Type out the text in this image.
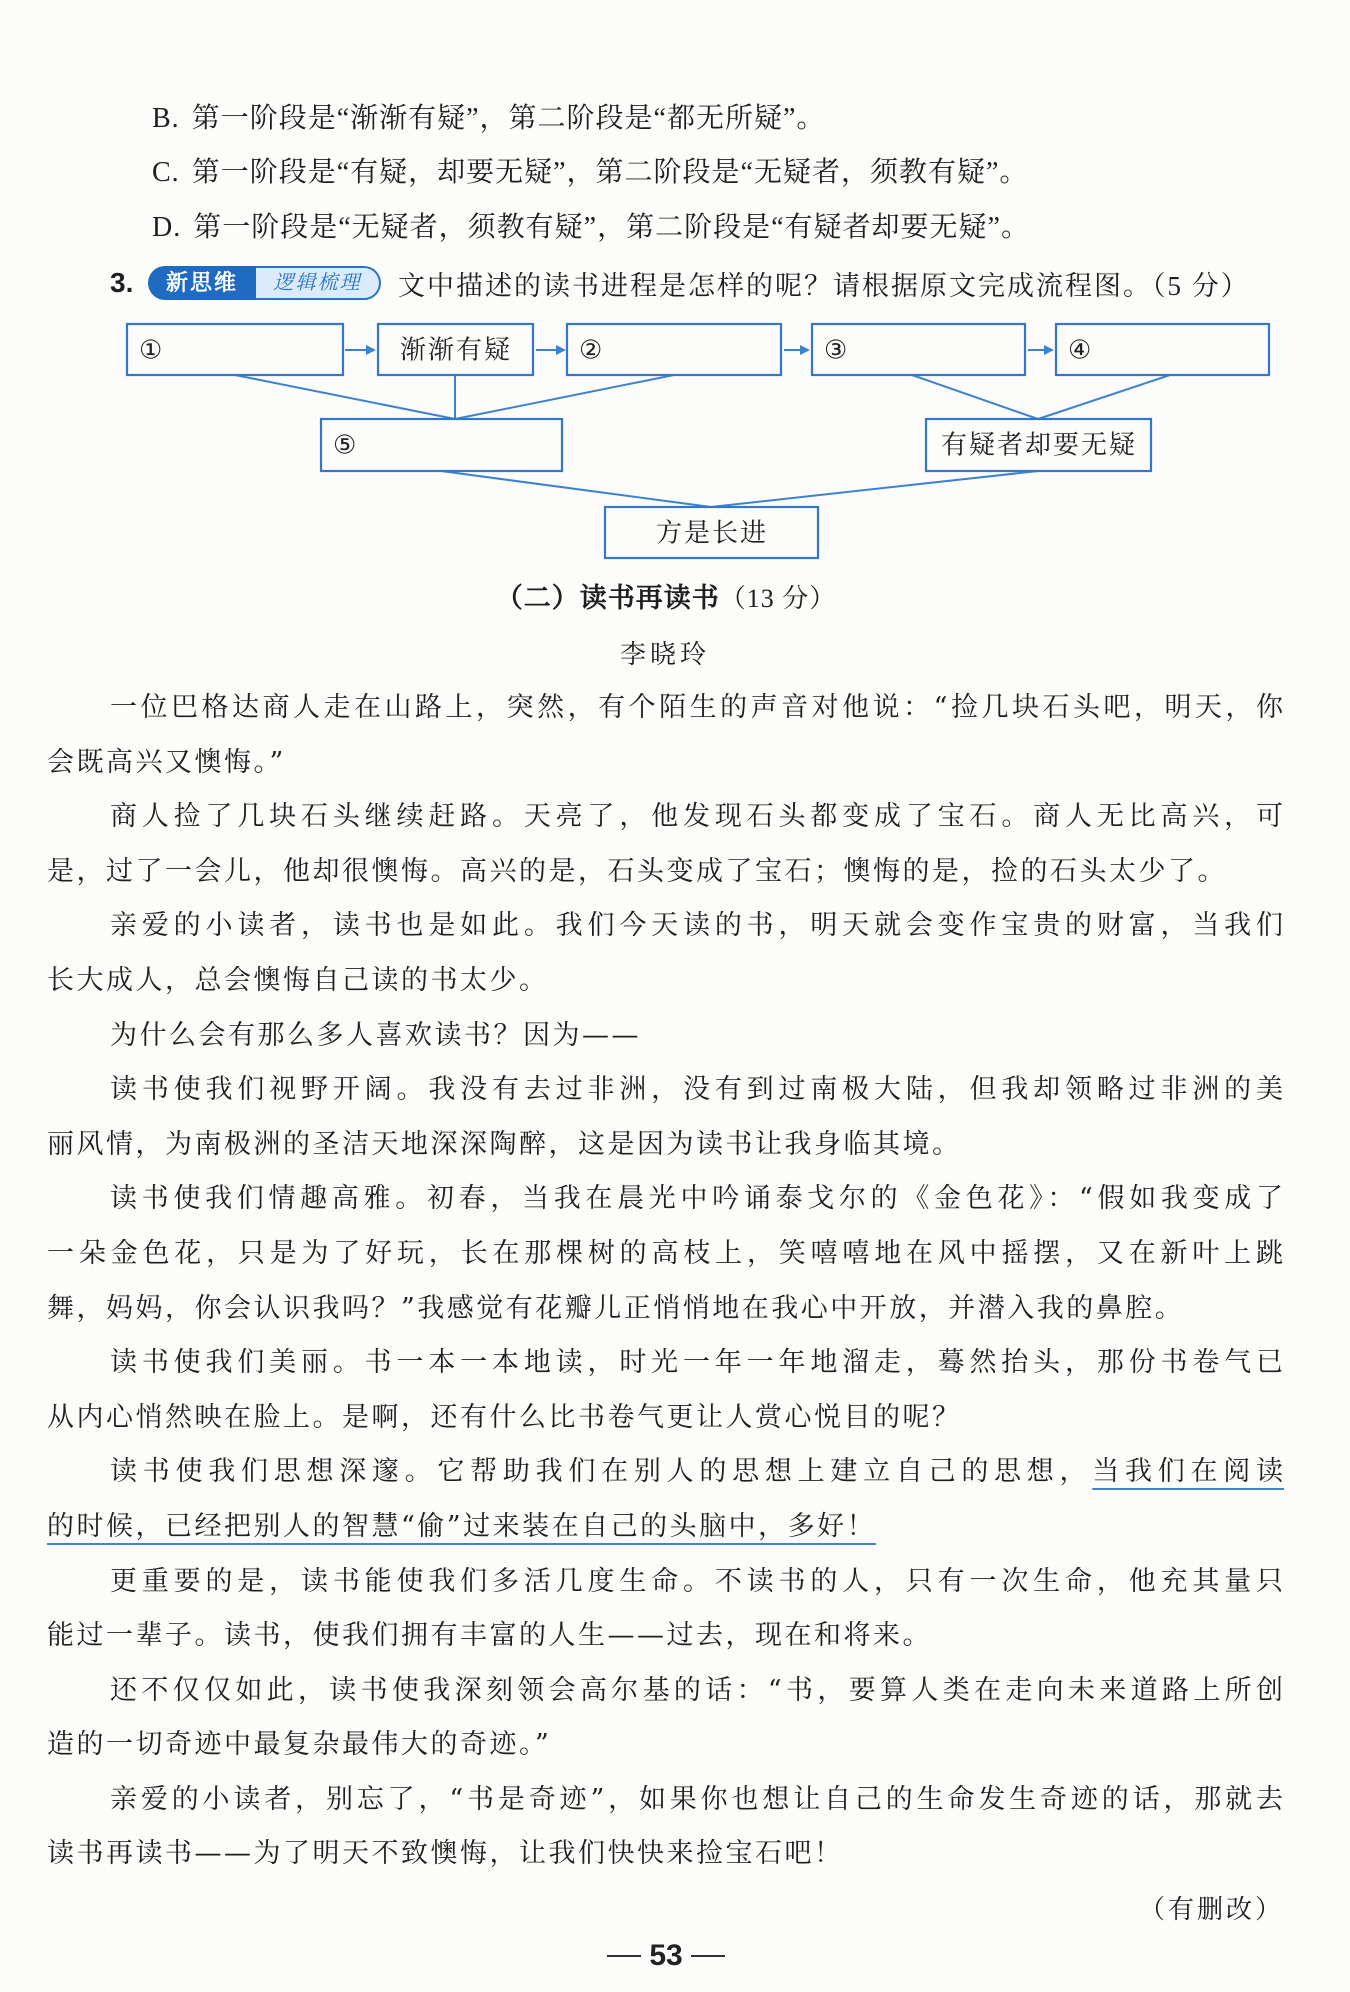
B. 第一阶段是“渐渐有疑”，第二阶段是“都无所疑”。
C. 第一阶段是“有疑，却要无疑”，第二阶段是“无疑者，须教有疑”。
D. 第一阶段是“无疑者，须教有疑”，第二阶段是“有疑者却要无疑”。
3.	新思维	逻辑梳理	文中描述的读书进程是怎样的呢？请根据原文完成流程图。（5 分）
①	渐渐有疑	②	③	④
⑤	有疑者却要无疑
方是长进
（二）读书再读书（13 分）
李晓玲
一位巴格达商人走在山路上，突然，有个陌生的声音对他说：“捡几块石头吧，明天，你
会既高兴又懊悔。”
商人捡了几块石头继续赶路。天亮了，他发现石头都变成了宝石。商人无比高兴，可
是，过了一会儿，他却很懊悔。高兴的是，石头变成了宝石；懊悔的是，捡的石头太少了。
亲爱的小读者，读书也是如此。我们今天读的书，明天就会变作宝贵的财富，当我们
长大成人，总会懊悔自己读的书太少。
为什么会有那么多人喜欢读书？因为——
读书使我们视野开阔。我没有去过非洲，没有到过南极大陆，但我却领略过非洲的美
丽风情，为南极洲的圣洁天地深深陶醉，这是因为读书让我身临其境。
读书使我们情趣高雅。初春，当我在晨光中吟诵泰戈尔的《金色花》：“假如我变成了
一朵金色花，只是为了好玩，长在那棵树的高枝上，笑嘻嘻地在风中摇摆，又在新叶上跳
舞，妈妈，你会认识我吗？”我感觉有花瓣儿正悄悄地在我心中开放，并潜入我的鼻腔。
读书使我们美丽。书一本一本地读，时光一年一年地溜走，蓦然抬头，那份书卷气已
从内心悄然映在脸上。是啊，还有什么比书卷气更让人赏心悦目的呢？
读书使我们思想深邃。它帮助我们在别人的思想上建立自己的思想，当我们在阅读
的时候，已经把别人的智慧“偷”过来装在自己的头脑中，多好！
更重要的是，读书能使我们多活几度生命。不读书的人，只有一次生命，他充其量只
能过一辈子。读书，使我们拥有丰富的人生——过去，现在和将来。
还不仅仅如此，读书使我深刻领会高尔基的话：“书，要算人类在走向未来道路上所创
造的一切奇迹中最复杂最伟大的奇迹。”
亲爱的小读者，别忘了，“书是奇迹”，如果你也想让自己的生命发生奇迹的话，那就去
读书再读书——为了明天不致懊悔，让我们快快来捡宝石吧！
（有删改）
53
